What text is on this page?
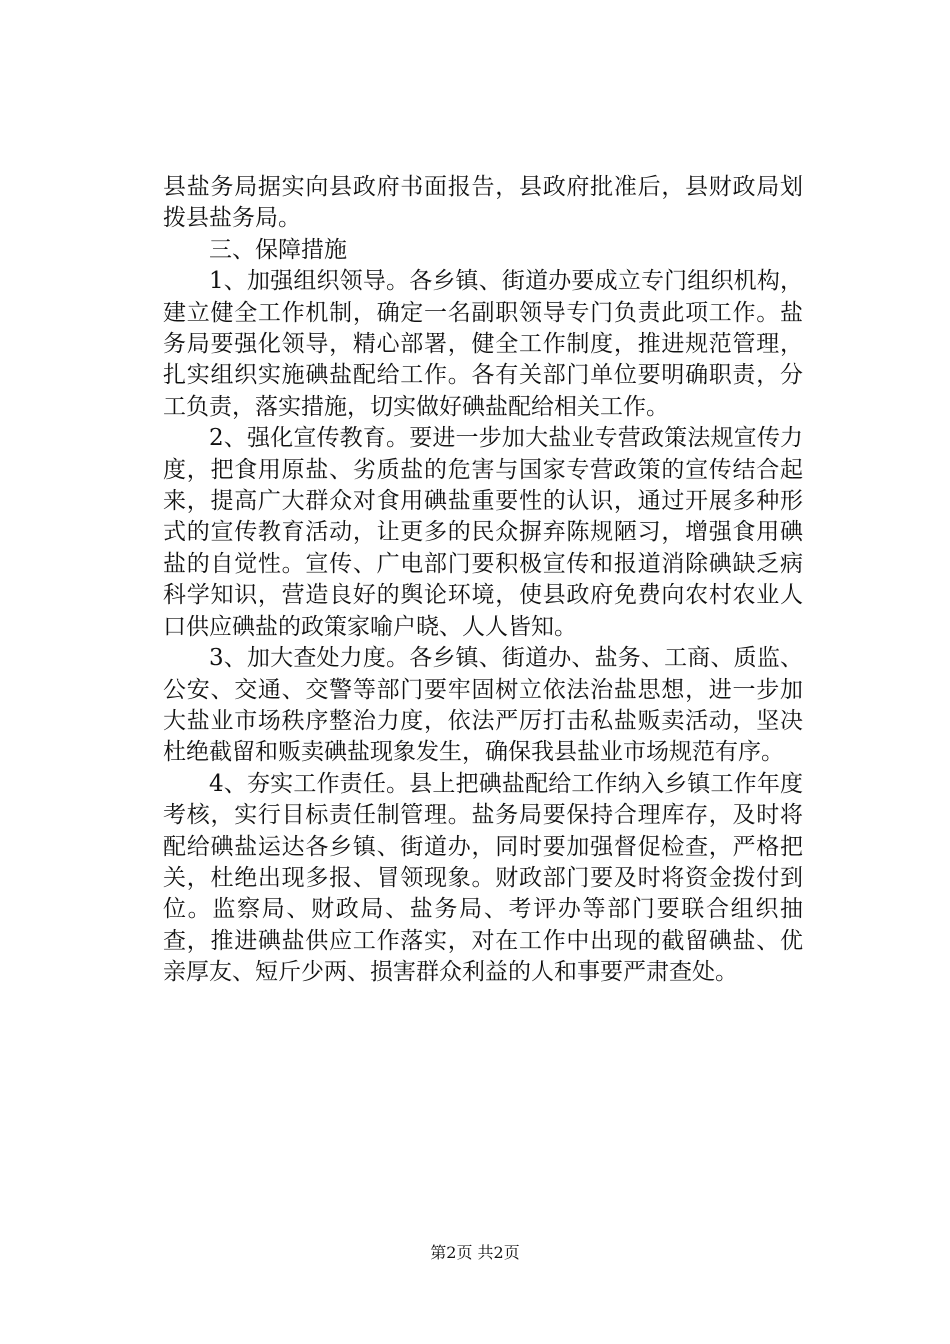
县盐务局据实向县政府书面报告，县政府批准后，县财政局划拨县盐务局。

三、保障措施

1、加强组织领导。各乡镇、街道办要成立专门组织机构，建立健全工作机制，确定一名副职领导专门负责此项工作。盐务局要强化领导，精心部署，健全工作制度，推进规范管理，扎实组织实施碘盐配给工作。各有关部门单位要明确职责，分工负责，落实措施，切实做好碘盐配给相关工作。

2、强化宣传教育。要进一步加大盐业专营政策法规宣传力度，把食用原盐、劣质盐的危害与国家专营政策的宣传结合起来，提高广大群众对食用碘盐重要性的认识，通过开展多种形式的宣传教育活动，让更多的民众摒弃陈规陋习，增强食用碘盐的自觉性。宣传、广电部门要积极宣传和报道消除碘缺乏病科学知识，营造良好的舆论环境，使县政府免费向农村农业人口供应碘盐的政策家喻户晓、人人皆知。

3、加大查处力度。各乡镇、街道办、盐务、工商、质监、公安、交通、交警等部门要牢固树立依法治盐思想，进一步加大盐业市场秩序整治力度，依法严厉打击私盐贩卖活动，坚决杜绝截留和贩卖碘盐现象发生，确保我县盐业市场规范有序。

4、夯实工作责任。县上把碘盐配给工作纳入乡镇工作年度考核，实行目标责任制管理。盐务局要保持合理库存，及时将配给碘盐运达各乡镇、街道办，同时要加强督促检查，严格把关，杜绝出现多报、冒领现象。财政部门要及时将资金拨付到位。监察局、财政局、盐务局、考评办等部门要联合组织抽查，推进碘盐供应工作落实，对在工作中出现的截留碘盐、优亲厚友、短斤少两、损害群众利益的人和事要严肃查处。

第2页 共2页
